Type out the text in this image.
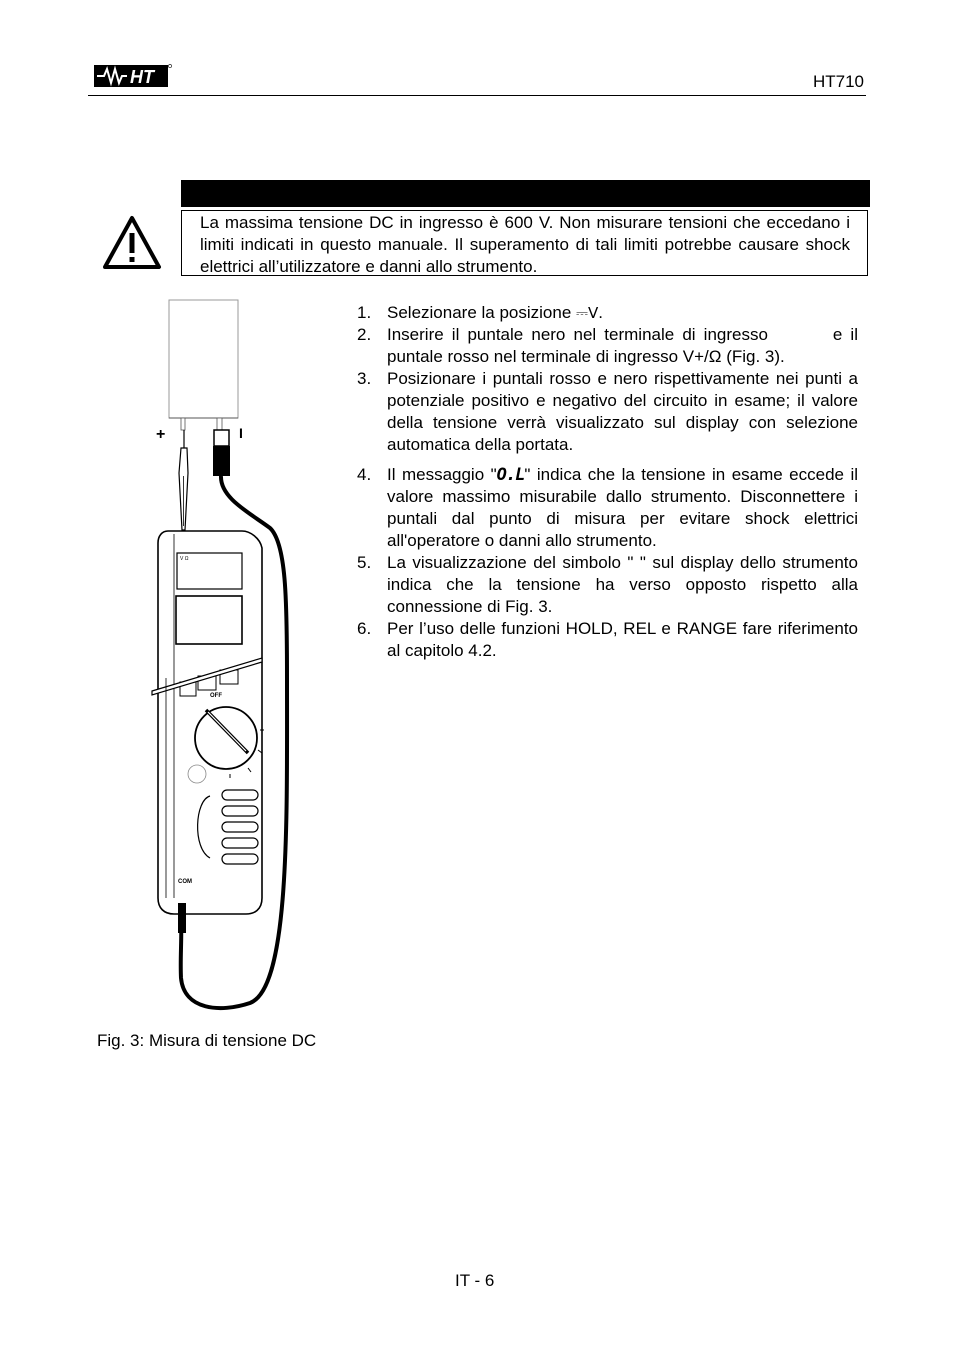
HT	HT710
La massima tensione DC in ingresso è 600 V. Non misurare tensioni che eccedano i limiti indicati in questo manuale. Il superamento di tali limiti potrebbe causare shock elettrici all’utilizzatore e danni allo strumento.
1. Selezionare la posizione ⎓V.
2. Inserire il puntale nero nel terminale di ingresso        e il puntale rosso nel terminale di ingresso V+/Ω (Fig. 3).
3. Posizionare i puntali rosso e nero rispettivamente nei punti a potenziale positivo e negativo del circuito in esame; il valore della tensione verrà visualizzato sul display con selezione automatica della portata.
4. Il messaggio "O.L" indica che la tensione in esame eccede il valore massimo misurabile dallo strumento. Disconnettere i puntali dal punto di misura per evitare shock elettrici all'operatore o danni allo strumento.
5. La visualizzazione del simbolo " " sul display dello strumento indica che la tensione ha verso opposto rispetto alla connessione di Fig. 3.
6. Per l’uso delle funzioni HOLD, REL e RANGE fare riferimento al capitolo 4.2.
+	I
V Ω
OFF
COM
Fig. 3: Misura di tensione DC
IT - 6
